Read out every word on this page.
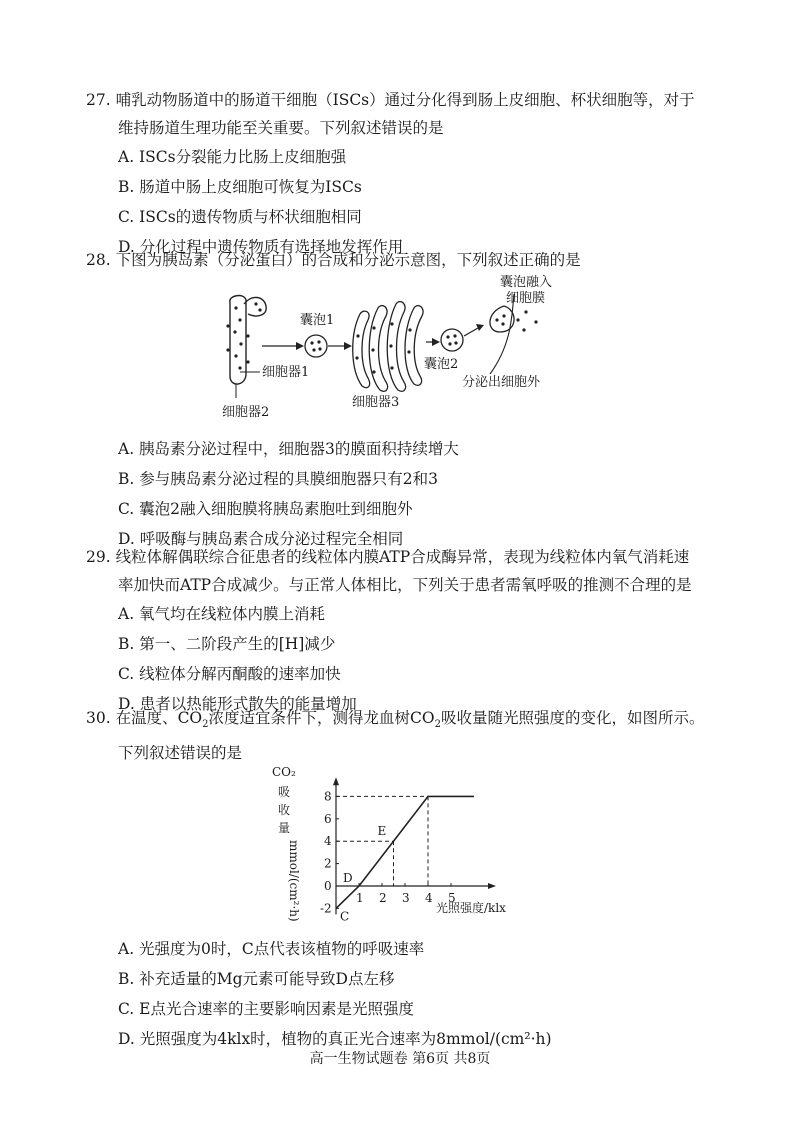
27. 哺乳动物肠道中的肠道干细胞（ISCs）通过分化得到肠上皮细胞、杯状细胞等，对于
维持肠道生理功能至关重要。下列叙述错误的是
A. ISCs分裂能力比肠上皮细胞强
B. 肠道中肠上皮细胞可恢复为ISCs
C. ISCs的遗传物质与杯状细胞相同
D. 分化过程中遗传物质有选择地发挥作用
28. 下图为胰岛素（分泌蛋白）的合成和分泌示意图，下列叙述正确的是
囊泡1
细胞器3
囊泡2
囊泡融入
细胞膜
分泌出细胞外
细胞器1
细胞器2
A. 胰岛素分泌过程中，细胞器3的膜面积持续增大
B. 参与胰岛素分泌过程的具膜细胞器只有2和3
C. 囊泡2融入细胞膜将胰岛素胞吐到细胞外
D. 呼吸酶与胰岛素合成分泌过程完全相同
29. 线粒体解偶联综合征患者的线粒体内膜ATP合成酶异常，表现为线粒体内氧气消耗速
率加快而ATP合成减少。与正常人体相比，下列关于患者需氧呼吸的推测不合理的是
A. 氧气均在线粒体内膜上消耗
B. 第一、二阶段产生的[H]减少
C. 线粒体分解丙酮酸的速率加快
D. 患者以热能形式散失的能量增加
30. 在温度、$CO_2$浓度适宜条件下，测得龙血树$CO_2$吸收量随光照强度的变化，如图所示。
下列叙述错误的是
CO₂
吸
收
量
mmol/(cm²·h)	1 2 3 4 5
8
6
4
2
0
-2
C
D
E
光照强度/klx
A. 光强度为0时，C点代表该植物的呼吸速率
B. 补充适量的Mg元素可能导致D点左移
C. E点光合速率的主要影响因素是光照强度
D. 光照强度为4klx时，植物的真正光合速率为8mmol/(cm²·h)
高一生物试题卷 第6页 共8页
